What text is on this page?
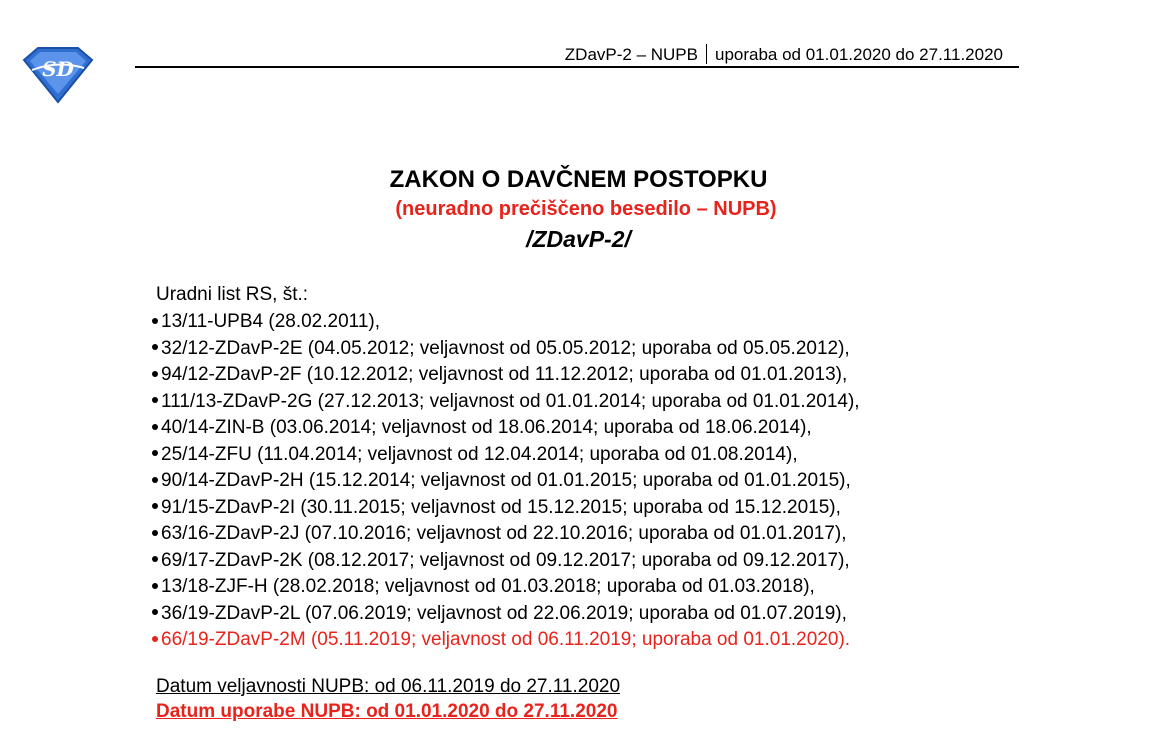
SD
ZDavP-2 – NUPB uporaba od 01.01.2020 do 27.11.2020
ZAKON O DAVČNEM POSTOPKU
(neuradno prečiščeno besedilo – NUPB)
/ZDavP-2/
Uradni list RS, št.:
13/11-UPB4 (28.02.2011),
32/12-ZDavP-2E (04.05.2012; veljavnost od 05.05.2012; uporaba od 05.05.2012),
94/12-ZDavP-2F (10.12.2012; veljavnost od 11.12.2012; uporaba od 01.01.2013),
111/13-ZDavP-2G (27.12.2013; veljavnost od 01.01.2014; uporaba od 01.01.2014),
40/14-ZIN-B (03.06.2014; veljavnost od 18.06.2014; uporaba od 18.06.2014),
25/14-ZFU (11.04.2014; veljavnost od 12.04.2014; uporaba od 01.08.2014),
90/14-ZDavP-2H (15.12.2014; veljavnost od 01.01.2015; uporaba od 01.01.2015),
91/15-ZDavP-2I (30.11.2015; veljavnost od 15.12.2015; uporaba od 15.12.2015),
63/16-ZDavP-2J (07.10.2016; veljavnost od 22.10.2016; uporaba od 01.01.2017),
69/17-ZDavP-2K (08.12.2017; veljavnost od 09.12.2017; uporaba od 09.12.2017),
13/18-ZJF-H (28.02.2018; veljavnost od 01.03.2018; uporaba od 01.03.2018),
36/19-ZDavP-2L (07.06.2019; veljavnost od 22.06.2019; uporaba od 01.07.2019),
66/19-ZDavP-2M (05.11.2019; veljavnost od 06.11.2019; uporaba od 01.01.2020).
Datum veljavnosti NUPB: od 06.11.2019 do 27.11.2020
Datum uporabe NUPB: od 01.01.2020 do 27.11.2020
